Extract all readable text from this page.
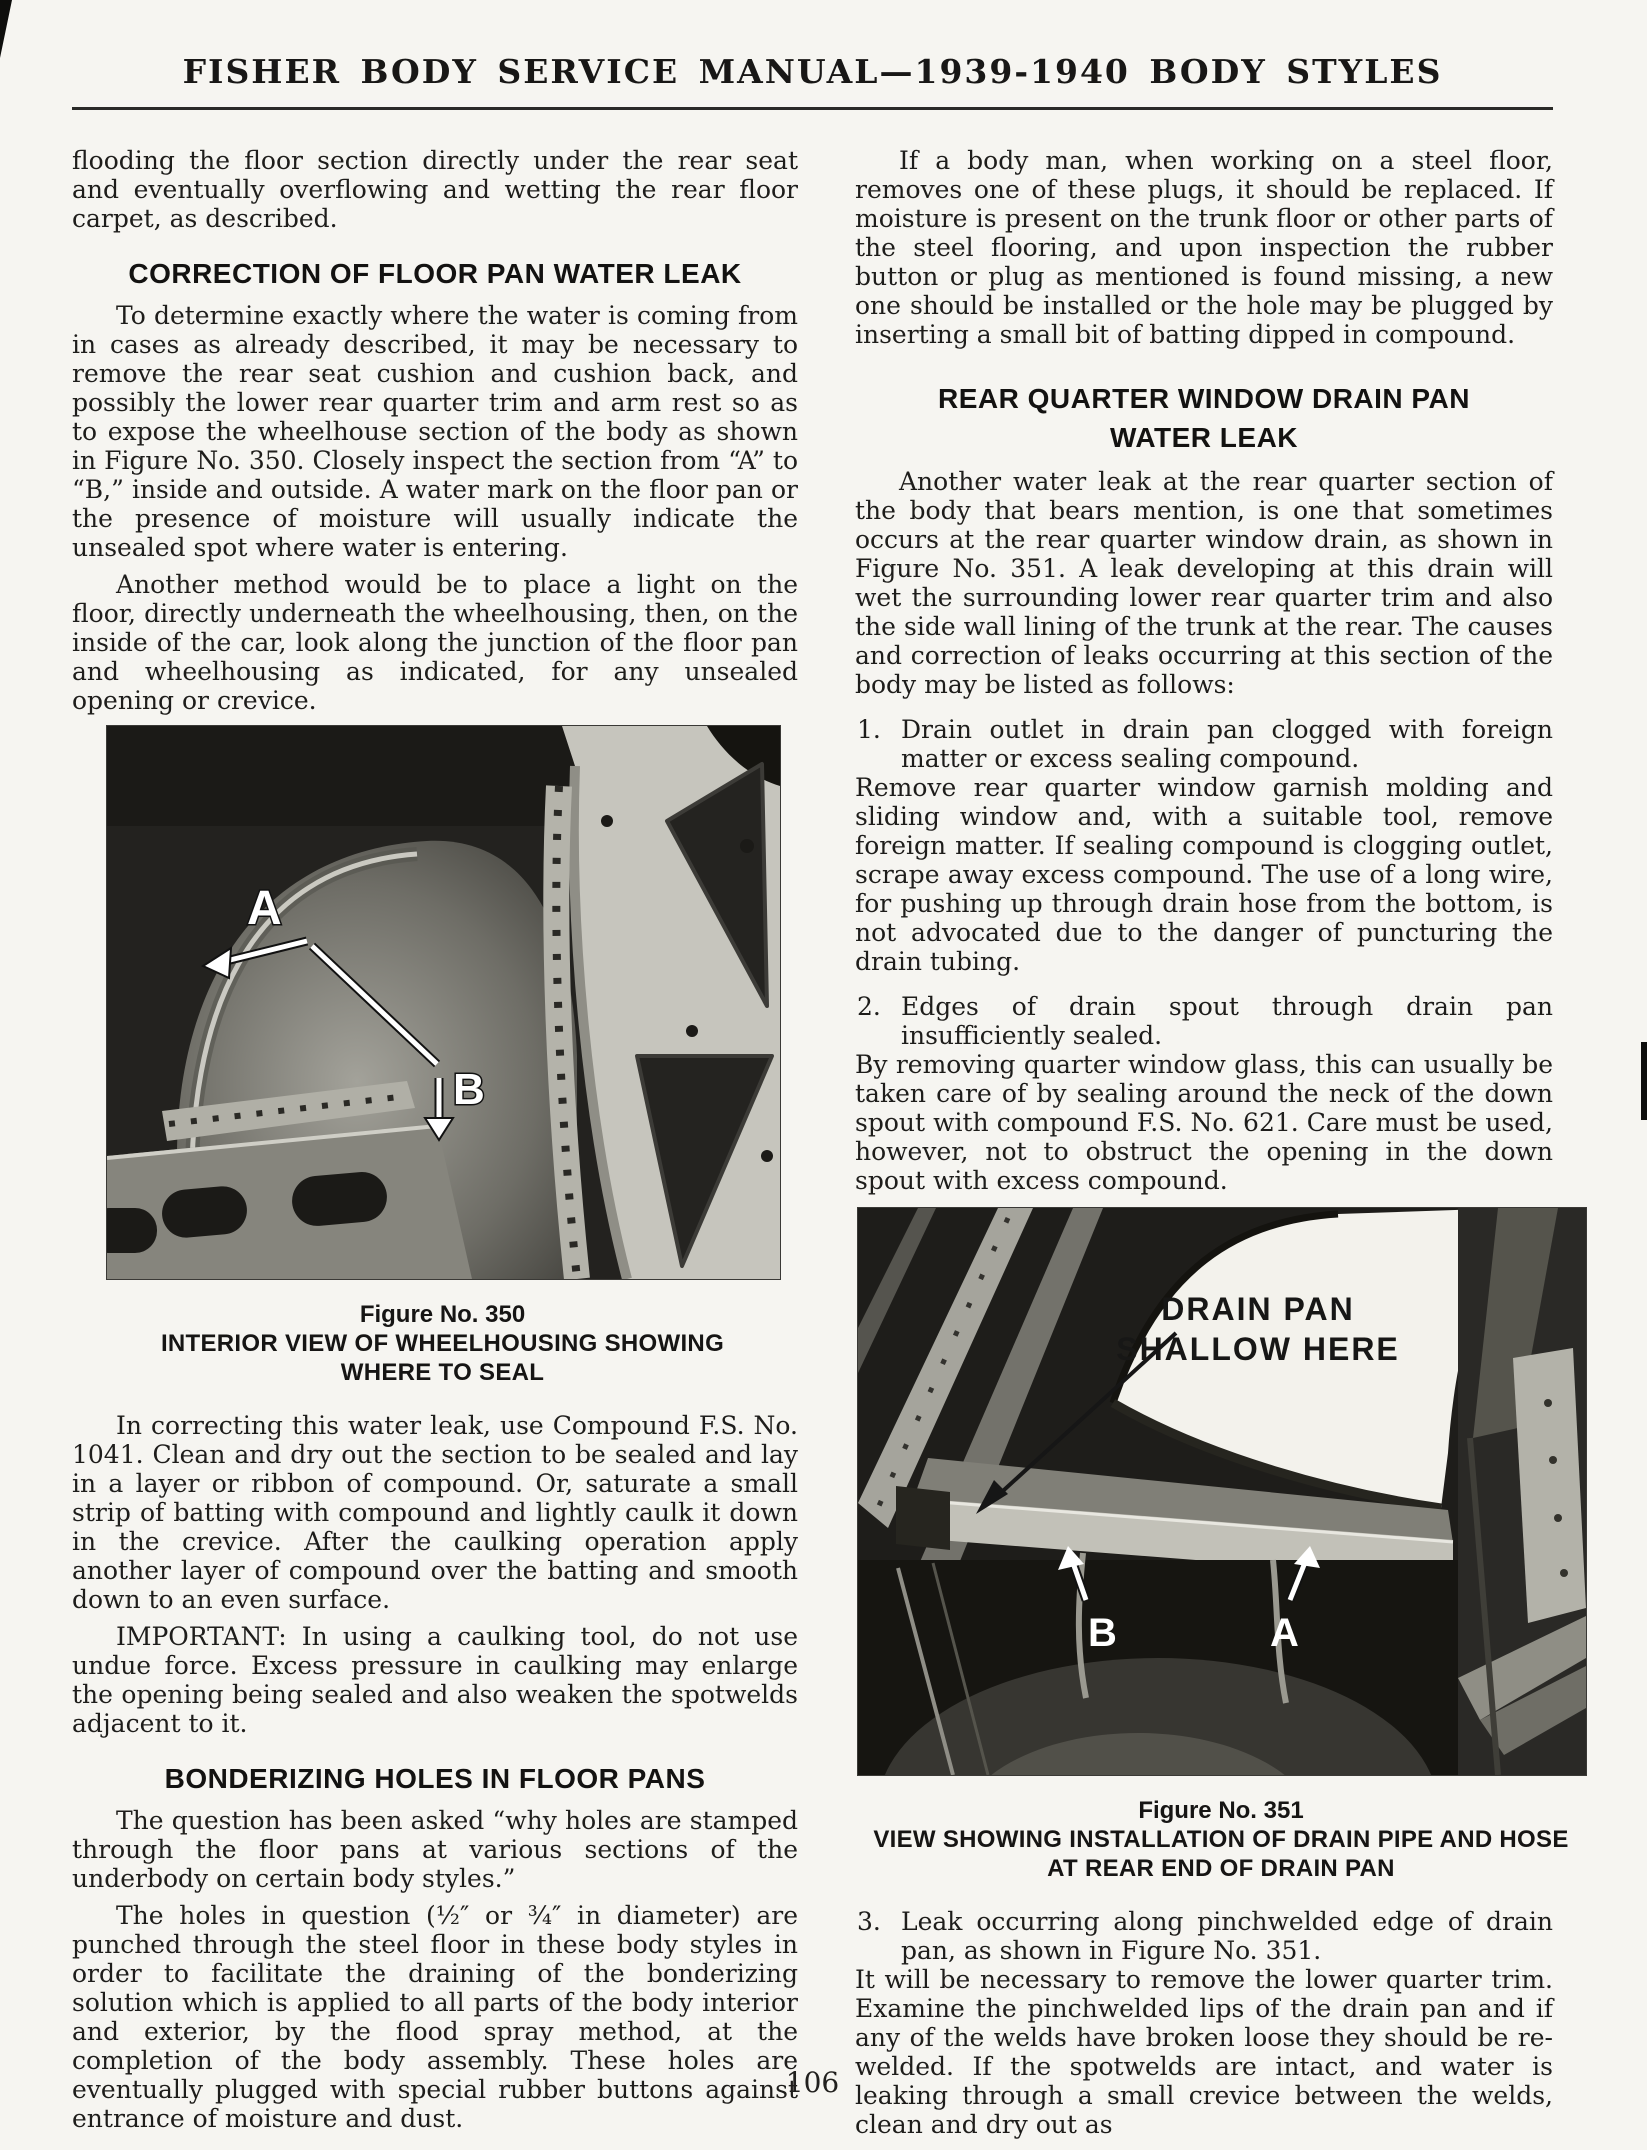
FISHER BODY SERVICE MANUAL—1939-1940 BODY STYLES

flooding the floor section directly under the rear seat and eventually overflowing and wetting the rear floor carpet, as described.

CORRECTION OF FLOOR PAN WATER LEAK

To determine exactly where the water is coming from in cases as already described, it may be necessary to remove the rear seat cushion and cushion back, and possibly the lower rear quarter trim and arm rest so as to expose the wheelhouse section of the body as shown in Figure No. 350. Closely inspect the section from “A” to “B,” inside and outside. A water mark on the floor pan or the presence of moisture will usually indicate the unsealed spot where water is entering.

Another method would be to place a light on the floor, directly underneath the wheelhousing, then, on the inside of the car, look along the junction of the floor pan and wheelhousing as indicated, for any unsealed opening or crevice.

A
B
Figure No. 350
INTERIOR VIEW OF WHEELHOUSING SHOWING
WHERE TO SEAL

In correcting this water leak, use Compound F.S. No. 1041. Clean and dry out the section to be sealed and lay in a layer or ribbon of compound. Or, saturate a small strip of batting with compound and lightly caulk it down in the crevice. After the caulking operation apply another layer of compound over the batting and smooth down to an even surface.

IMPORTANT: In using a caulking tool, do not use undue force. Excess pressure in caulking may enlarge the opening being sealed and also weaken the spotwelds adjacent to it.

BONDERIZING HOLES IN FLOOR PANS

The question has been asked “why holes are stamped through the floor pans at various sections of the underbody on certain body styles.”

The holes in question (½″ or ¾″ in diameter) are punched through the steel floor in these body styles in order to facilitate the draining of the bonderizing solution which is applied to all parts of the body interior and exterior, by the flood spray method, at the completion of the body assembly. These holes are eventually plugged with special rubber buttons against entrance of moisture and dust.

If a body man, when working on a steel floor, removes one of these plugs, it should be replaced. If moisture is present on the trunk floor or other parts of the steel flooring, and upon inspection the rubber button or plug as mentioned is found missing, a new one should be installed or the hole may be plugged by inserting a small bit of batting dipped in compound.

REAR QUARTER WINDOW DRAIN PAN
WATER LEAK

Another water leak at the rear quarter section of the body that bears mention, is one that sometimes occurs at the rear quarter window drain, as shown in Figure No. 351. A leak developing at this drain will wet the surrounding lower rear quarter trim and also the side wall lining of the trunk at the rear. The causes and correction of leaks occurring at this section of the body may be listed as follows:

1. Drain outlet in drain pan clogged with foreign matter or excess sealing compound.

Remove rear quarter window garnish molding and sliding window and, with a suitable tool, remove foreign matter. If sealing compound is clogging outlet, scrape away excess compound. The use of a long wire, for pushing up through drain hose from the bottom, is not advocated due to the danger of puncturing the drain tubing.

2. Edges of drain spout through drain pan insufficiently sealed.

By removing quarter window glass, this can usually be taken care of by sealing around the neck of the down spout with compound F.S. No. 621. Care must be used, however, not to obstruct the opening in the down spout with excess compound.

DRAIN PAN
SHALLOW HERE
B	A
Figure No. 351
VIEW SHOWING INSTALLATION OF DRAIN PIPE AND HOSE
AT REAR END OF DRAIN PAN
3. Leak occurring along pinchwelded edge of drain pan, as shown in Figure No. 351.

It will be necessary to remove the lower quarter trim. Examine the pinchwelded lips of the drain pan and if any of the welds have broken loose they should be re-welded. If the spotwelds are intact, and water is leaking through a small crevice between the welds, clean and dry out as

106
